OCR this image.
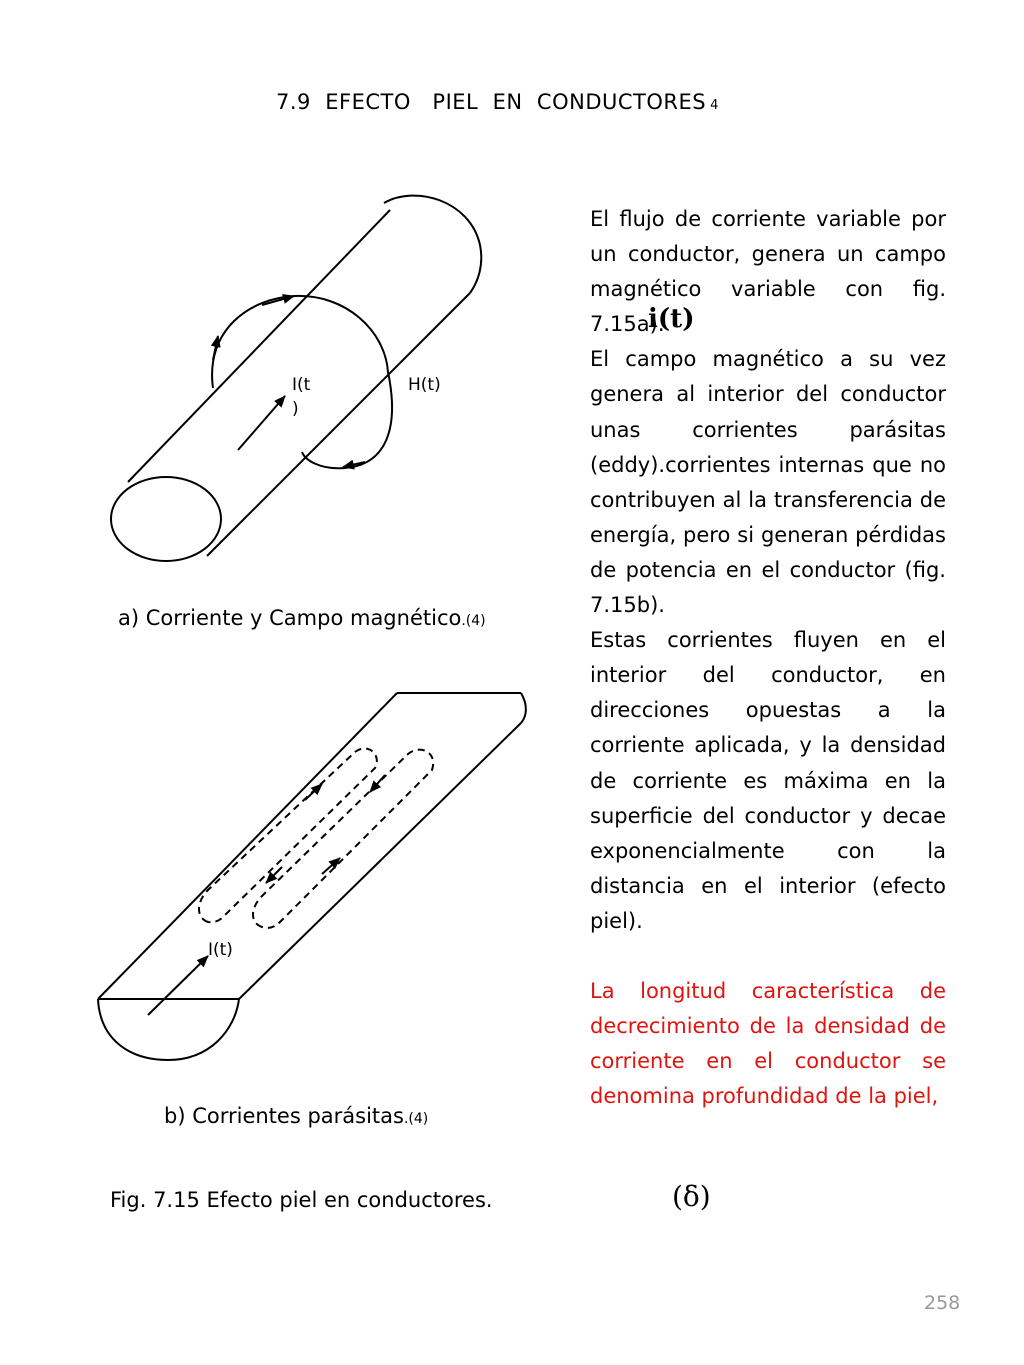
7.9  EFECTO   PIEL  EN  CONDUCTORES 4
I(t
)
H(t)
I(t)
a) Corriente y Campo magnético.(4)
b) Corrientes parásitas.(4)
Fig. 7.15 Efecto piel en conductores.

El flujo de corriente variable por un conductor, genera un campo magnético variable con fig. 7.15a).

El campo magnético a su vez genera al interior del conductor unas corrientes parásitas (eddy).corrientes internas que no contribuyen al la transferencia de energía, pero si generan pérdidas de potencia en el conductor (fig. 7.15b).

Estas corrientes fluyen en el interior del conductor, en direcciones opuestas a la corriente aplicada, y la densidad de corriente es máxima en la superficie del conductor y decae exponencialmente con la distancia en el interior (efecto piel).

La longitud característica de decrecimiento de la densidad de corriente en el conductor se denomina profundidad de la piel,

i(t)
(δ)
258
